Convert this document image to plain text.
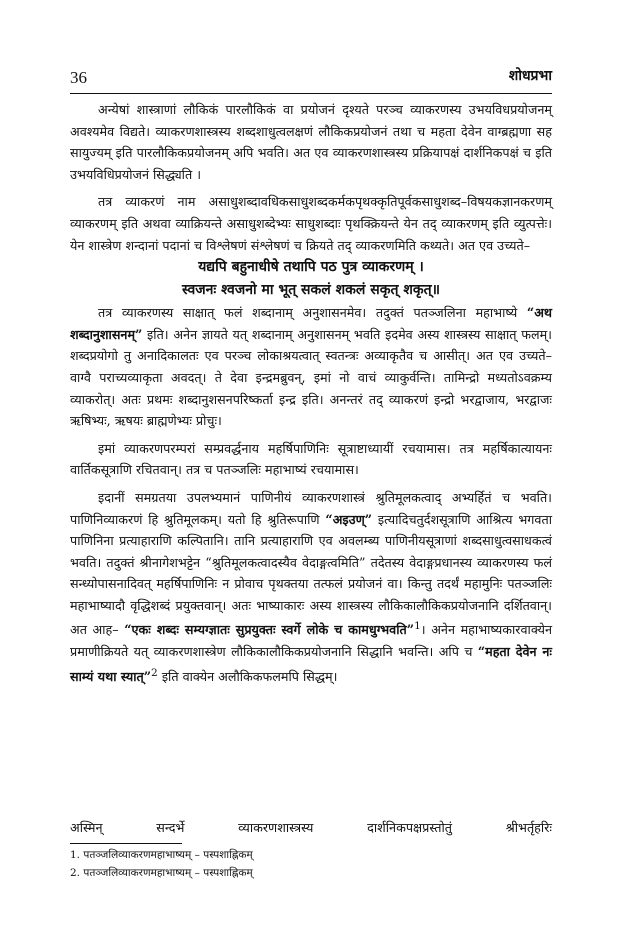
36	शोधप्रभा

अन्येषां शास्त्राणां लौकिकं पारलौकिकं वा प्रयोजनं दृश्यते परञ्च व्याकरणस्य उभयविधप्रयोजनम् अवश्यमेव विद्यते। व्याकरणशास्त्रस्य शब्दशाधुत्वलक्षणं लौकिकप्रयोजनं तथा च महता देवेन वाग्ब्रह्मणा सह सायुज्यम् इति पारलौकिकप्रयोजनम् अपि भवति। अत एव व्याकरणशास्त्रस्य प्रक्रियापक्षं दार्शनिकपक्षं च इति उभयविधिप्रयोजनं सिद्ध्यति ।

तत्र व्याकरणं नाम असाधुशब्दावधिकसाधुशब्दकर्मकपृथक्कृतिपूर्वकसाधुशब्द–विषयकज्ञानकरणम् व्याकरणम् इति अथवा व्याक्रियन्ते असाधुशब्देभ्यः साधुशब्दाः पृथक्क्रियन्ते येन तद् व्याकरणम् इति व्युत्पत्तेः। येन शास्त्रेण शन्दानां पदानां च विश्लेषणं संश्लेषणं च क्रियते तद् व्याकरणमिति कथ्यते। अत एव उच्यते–

यद्यपि बहुनाधीषे तथापि पठ पुत्र व्याकरणम् ।

स्वजनः श्वजनो मा भूत् सकलं शकलं सकृत् शकृत्॥

तत्र व्याकरणस्य साक्षात् फलं शब्दानाम् अनुशासनमेव। तदुक्तं पतञ्जलिना महाभाष्ये “अथ शब्दानुशासनम्” इति। अनेन ज्ञायते यत् शब्दानाम् अनुशासनम् भवति इदमेव अस्य शास्त्रस्य साक्षात् फलम्। शब्दप्रयोगो तु अनादिकालतः एव परञ्च लोकाश्रयत्वात् स्वतन्त्रः अव्याकृतैव च आसीत्। अत एव उच्यते– वाग्वै पराच्यव्याकृता अवदत्। ते देवा इन्द्रमब्रुवन्, इमां नो वाचं व्याकुर्वन्ति। तामिन्द्रो मध्यतोऽवक्रम्य व्याकरोत्। अतः प्रथमः शब्दानुशसनपरिष्कर्ता इन्द्र इति। अनन्तरं तद् व्याकरणं इन्द्रो भरद्वाजाय, भरद्वाजः ऋषिभ्यः, ऋषयः ब्राह्मणेभ्यः प्रोचुः।

इमां व्याकरणपरम्परां सम्प्रवर्द्धनाय महर्षिपाणिनिः सूत्राष्टाध्यायीं रचयामास। तत्र महर्षिकात्यायनः वार्तिकसूत्राणि रचितवान्। तत्र च पतञ्जलिः महाभाष्यं रचयामास।

इदानीं समग्रतया उपलभ्यमानं पाणिनीयं व्याकरणशास्त्रं श्रुतिमूलकत्वाद् अभ्यर्हितं च भवति। पाणिनिव्याकरणं हि श्रुतिमूलकम्। यतो हि श्रुतिरूपाणि “अइउण्” इत्यादिचतुर्दशसूत्राणि आश्रित्य भगवता पाणिनिना प्रत्याहाराणि कल्पितानि। तानि प्रत्याहाराणि एव अवलम्ब्य पाणिनीयसूत्राणां शब्दसाधुत्वसाधकत्वं भवति। तदुक्तं श्रीनागेशभट्टेन “श्रुतिमूलकत्वादस्यैव वेदाङ्गत्वमिति” तदेतस्य वेदाङ्गप्रधानस्य व्याकरणस्य फलं सन्ध्योपासनादिवत् महर्षिपाणिनिः न प्रोवाच पृथक्तया तत्फलं प्रयोजनं वा। किन्तु तदर्थं महामुनिः पतञ्जलिः महाभाष्यादौ वृद्धिशब्दं प्रयुक्तवान्। अतः भाष्याकारः अस्य शास्त्रस्य लौकिकालौकिकप्रयोजनानि दर्शितवान्। अत आह– “एकः शब्दः सम्यग्ज्ञातः सुप्रयुक्तः स्वर्गे लोके च कामधुग्भवति”$^1$। अनेन महाभाष्यकारवाक्येन प्रमाणीक्रियते यत् व्याकरणशास्त्रेण लौकिकालौकिकप्रयोजनानि सिद्धानि भवन्ति। अपि च “महता देवेन नः साम्यं यथा स्यात्”$^2$ इति वाक्येन अलौकिकफलमपि सिद्धम्।

अस्मिन्	सन्दर्भे	व्याकरणशास्त्रस्य	दार्शनिकपक्षप्रस्तोतुं	श्रीभर्तृहरिः
1. पतञ्जलिव्याकरणमहाभाष्यम् – पस्पशाह्निकम्
2. पतञ्जलिव्याकरणमहाभाष्यम् – पस्पशाह्निकम्
